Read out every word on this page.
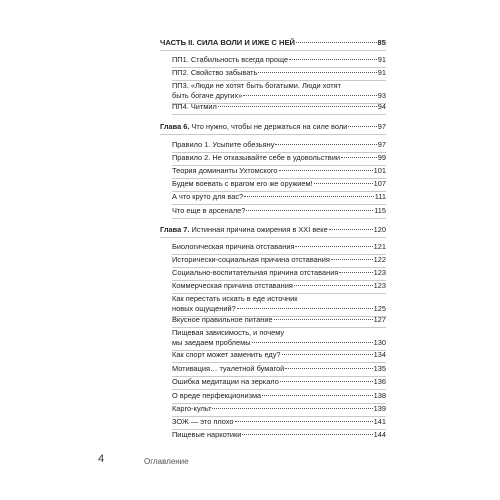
ЧАСТЬ II. СИЛА ВОЛИ И ИЖЕ С НЕЙ	85
ПП1. Стабильность всегда проще	91
ПП2. Свойство забывать	91
ПП3. «Люди не хотят быть богатыми. Люди хотят
быть богаче других»	93
ПП4. Читмил	94
Глава 6. Что нужно, чтобы не держаться на силе воли	97
Правило 1. Усыпите обезьяну	97
Правило 2. Не отказывайте себе в удовольствии	99
Теория доминанты Ухтомского	101
Будем воевать с врагом его же оружием!	107
А что круто для вас?	111
Что еще в арсенале?	115
Глава 7. Истинная причина ожирения в XXI веке	120
Биологическая причина отставания	121
Исторически-социальная причина отставания	122
Социально-воспитательная причина отставания	123
Коммерческая причина отставания	123
Как перестать искать в еде источник
новых ощущений?	125
Вкусное правильное питание	127
Пищевая зависимость, и почему
мы заедаем проблемы	130
Как спорт может заменить еду?	134
Мотивация… туалетной бумагой	135
Ошибка медитации на зеркало	136
О вреде перфекционизма	138
Карго-культ	139
ЗОЖ — это плохо	141
Пищевые наркотики	144
4	Оглавление
